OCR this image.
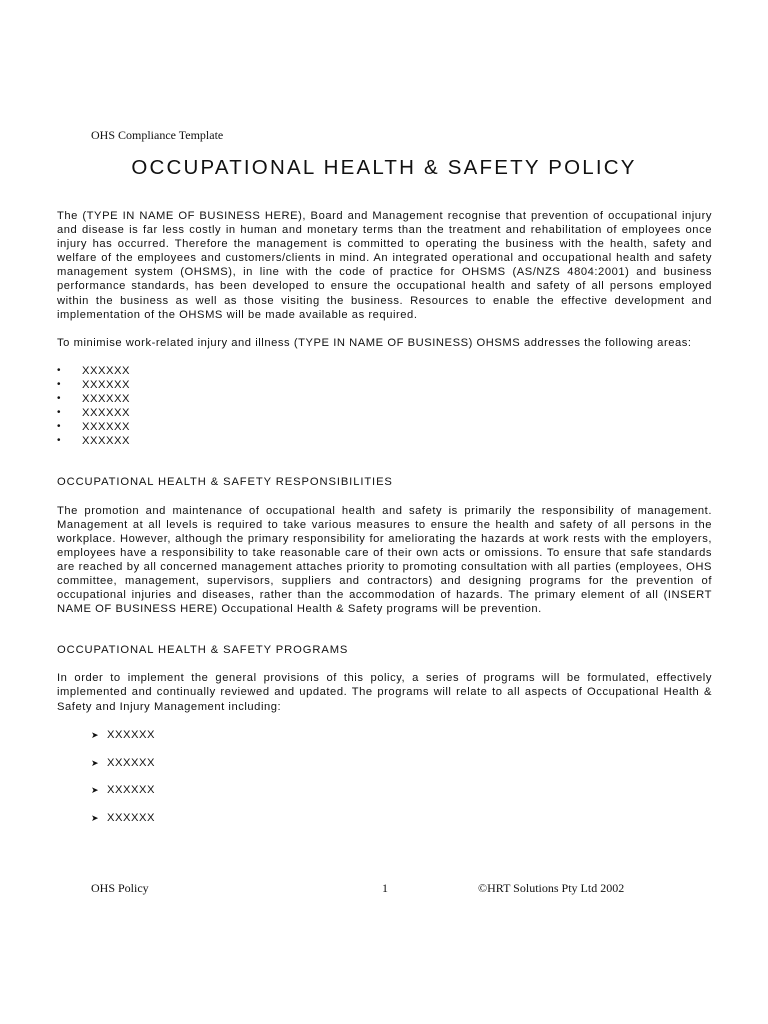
OHS Compliance Template
OCCUPATIONAL HEALTH & SAFETY POLICY

The (TYPE IN NAME OF BUSINESS HERE), Board and Management recognise that prevention of occupational injury and disease is far less costly in human and monetary terms than the treatment and rehabilitation of employees once injury has occurred. Therefore the management is committed to operating the business with the health, safety and welfare of the employees and customers/clients in mind. An integrated operational and occupational health and safety management system (OHSMS), in line with the code of practice for OHSMS (AS/NZS 4804:2001) and business performance standards, has been developed to ensure the occupational health and safety of all persons employed within the business as well as those visiting the business. Resources to enable the effective development and implementation of the OHSMS will be made available as required.

To minimise work-related injury and illness (TYPE IN NAME OF BUSINESS) OHSMS addresses the following areas:

• XXXXXX
• XXXXXX
• XXXXXX
• XXXXXX
• XXXXXX
• XXXXXX
OCCUPATIONAL HEALTH & SAFETY RESPONSIBILITIES

The promotion and maintenance of occupational health and safety is primarily the responsibility of management. Management at all levels is required to take various measures to ensure the health and safety of all persons in the workplace. However, although the primary responsibility for ameliorating the hazards at work rests with the employers, employees have a responsibility to take reasonable care of their own acts or omissions. To ensure that safe standards are reached by all concerned management attaches priority to promoting consultation with all parties (employees, OHS committee, management, supervisors, suppliers and contractors) and designing programs for the prevention of occupational injuries and diseases, rather than the accommodation of hazards. The primary element of all (INSERT NAME OF BUSINESS HERE) Occupational Health & Safety programs will be prevention.

OCCUPATIONAL HEALTH & SAFETY PROGRAMS

In order to implement the general provisions of this policy, a series of programs will be formulated, effectively implemented and continually reviewed and updated. The programs will relate to all aspects of Occupational Health & Safety and Injury Management including:

➤ XXXXXX
➤ XXXXXX
➤ XXXXXX
➤ XXXXXX
OHS Policy	1	©HRT Solutions Pty Ltd 2002
